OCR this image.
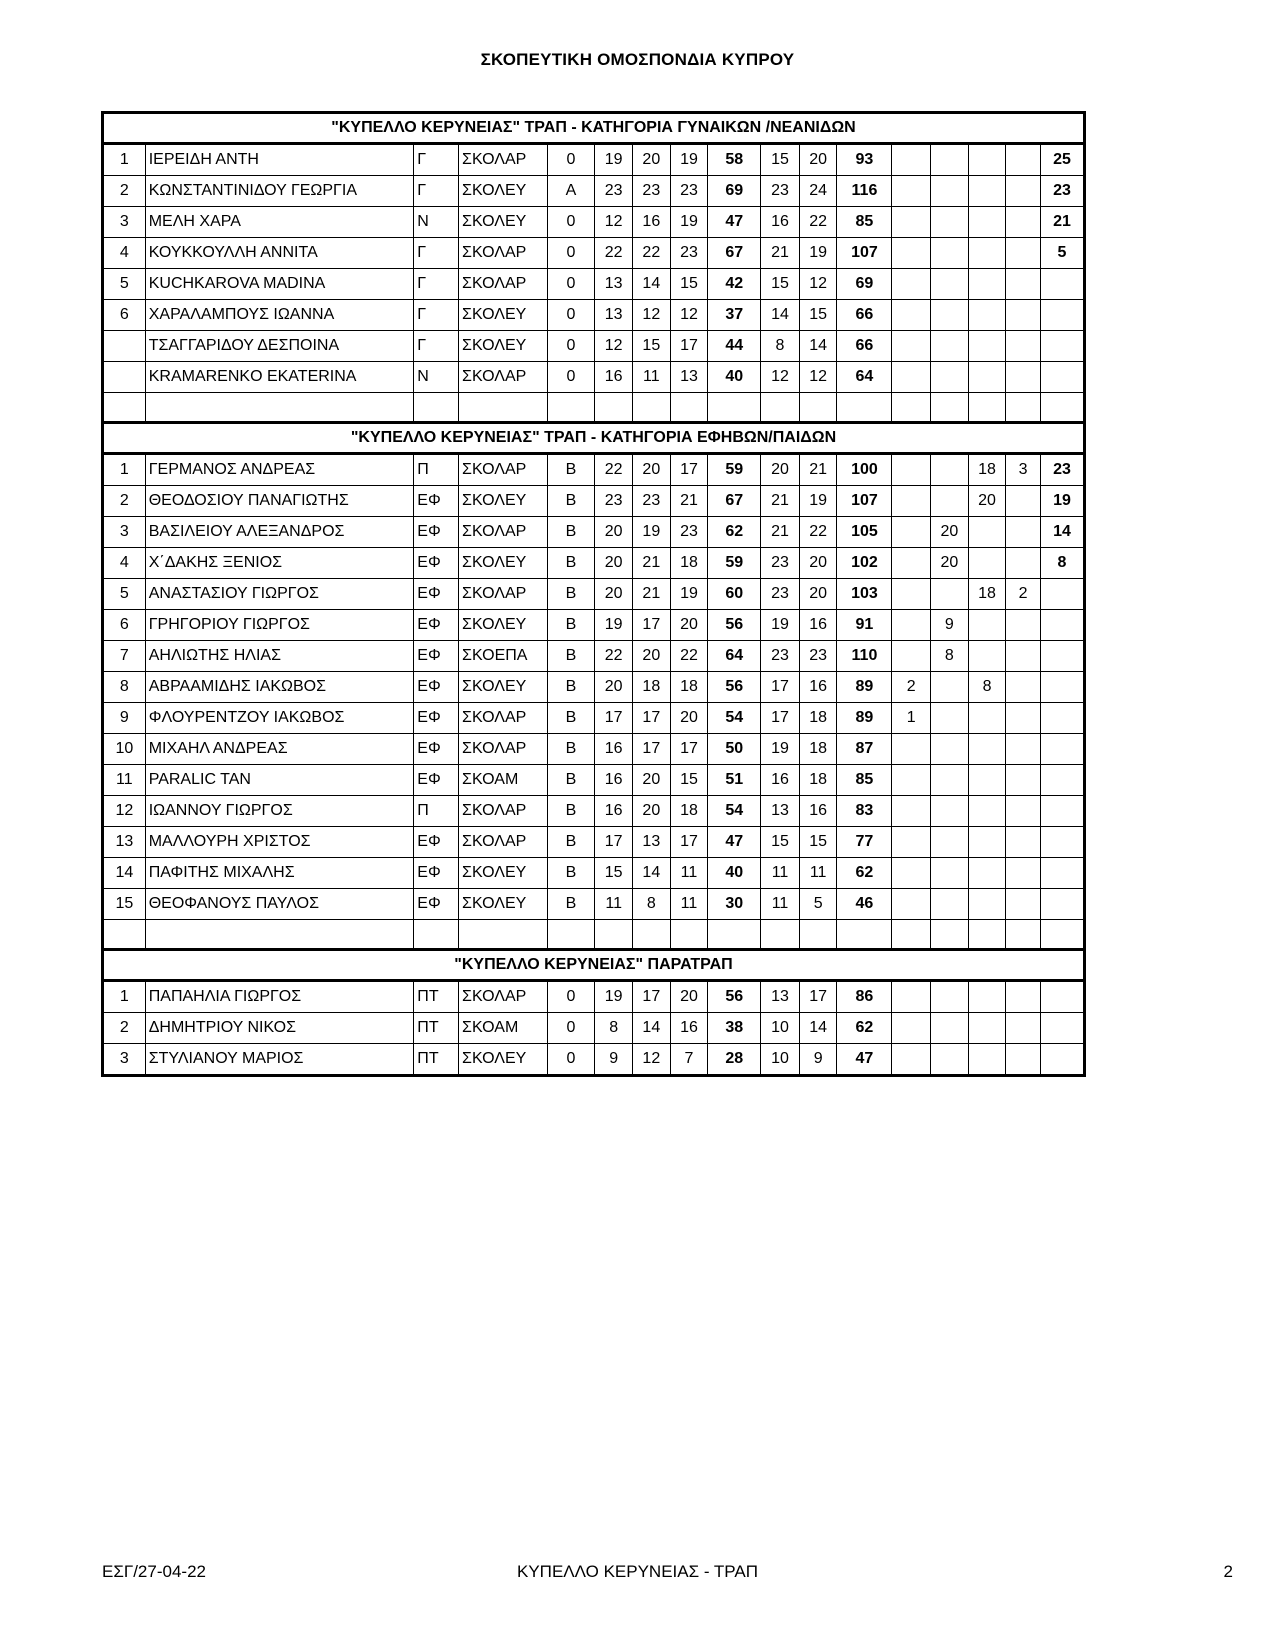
ΣΚΟΠΕΥΤΙΚΗ ΟΜΟΣΠΟΝΔΙΑ ΚΥΠΡΟΥ
"ΚΥΠΕΛΛΟ ΚΕΡΥΝΕΙΑΣ" ΤΡΑΠ - ΚΑΤΗΓΟΡΙΑ ΓΥΝΑΙΚΩΝ /ΝΕΑΝΙΔΩΝ																
1	ΙΕΡΕΙΔΗ ΑΝΤΗ	Γ	ΣΚΟΛΑΡ	0	19	20	19	58	15	20	93					25
2	ΚΩΝΣΤΑΝΤΙΝΙΔΟΥ ΓΕΩΡΓΙΑ	Γ	ΣΚΟΛΕΥ	Α	23	23	23	69	23	24	116					23
3	ΜΕΛΗ ΧΑΡΑ	Ν	ΣΚΟΛΕΥ	0	12	16	19	47	16	22	85					21
4	ΚΟΥΚΚΟΥΛΛΗ ΑΝΝΙΤΑ	Γ	ΣΚΟΛΑΡ	0	22	22	23	67	21	19	107					5
5	KUCHKAROVA MADINA	Γ	ΣΚΟΛΑΡ	0	13	14	15	42	15	12	69					
6	ΧΑΡΑΛΑΜΠΟΥΣ ΙΩΑΝΝΑ	Γ	ΣΚΟΛΕΥ	0	13	12	12	37	14	15	66					
	ΤΣΑΓΓΑΡΙΔΟΥ ΔΕΣΠΟΙΝΑ	Γ	ΣΚΟΛΕΥ	0	12	15	17	44	8	14	66					
	KRAMARENKO EKATERINA	Ν	ΣΚΟΛΑΡ	0	16	11	13	40	12	12	64					

"ΚΥΠΕΛΛΟ ΚΕΡΥΝΕΙΑΣ" ΤΡΑΠ - ΚΑΤΗΓΟΡΙΑ ΕΦΗΒΩΝ/ΠΑΙΔΩΝ																
1	ΓΕΡΜΑΝΟΣ ΑΝΔΡΕΑΣ	Π	ΣΚΟΛΑΡ	Β	22	20	17	59	20	21	100			18	3	23
2	ΘΕΟΔΟΣΙΟΥ ΠΑΝΑΓΙΩΤΗΣ	ΕΦ	ΣΚΟΛΕΥ	Β	23	23	21	67	21	19	107			20		19
3	ΒΑΣΙΛΕΙΟΥ ΑΛΕΞΑΝΔΡΟΣ	ΕΦ	ΣΚΟΛΑΡ	Β	20	19	23	62	21	22	105		20			14
4	Χ΄ΔΑΚΗΣ ΞΕΝΙΟΣ	ΕΦ	ΣΚΟΛΕΥ	Β	20	21	18	59	23	20	102		20			8
5	ΑΝΑΣΤΑΣΙΟΥ ΓΙΩΡΓΟΣ	ΕΦ	ΣΚΟΛΑΡ	Β	20	21	19	60	23	20	103			18	2	
6	ΓΡΗΓΟΡΙΟΥ ΓΙΩΡΓΟΣ	ΕΦ	ΣΚΟΛΕΥ	Β	19	17	20	56	19	16	91		9			
7	ΑΗΛΙΩΤΗΣ ΗΛΙΑΣ	ΕΦ	ΣΚΟΕΠΑ	Β	22	20	22	64	23	23	110		8			
8	ΑΒΡΑΑΜΙΔΗΣ ΙΑΚΩΒΟΣ	ΕΦ	ΣΚΟΛΕΥ	Β	20	18	18	56	17	16	89	2		8		
9	ΦΛΟΥΡΕΝΤΖΟΥ ΙΑΚΩΒΟΣ	ΕΦ	ΣΚΟΛΑΡ	Β	17	17	20	54	17	18	89	1				
10	ΜΙΧΑΗΛ ΑΝΔΡΕΑΣ	ΕΦ	ΣΚΟΛΑΡ	Β	16	17	17	50	19	18	87					
11	PARALIC TAN	ΕΦ	ΣΚΟΑΜ	Β	16	20	15	51	16	18	85					
12	ΙΩΑΝΝΟΥ ΓΙΩΡΓΟΣ	Π	ΣΚΟΛΑΡ	Β	16	20	18	54	13	16	83					
13	ΜΑΛΛΟΥΡΗ ΧΡΙΣΤΟΣ	ΕΦ	ΣΚΟΛΑΡ	Β	17	13	17	47	15	15	77					
14	ΠΑΦΙΤΗΣ ΜΙΧΑΛΗΣ	ΕΦ	ΣΚΟΛΕΥ	Β	15	14	11	40	11	11	62					
15	ΘΕΟΦΑΝΟΥΣ ΠΑΥΛΟΣ	ΕΦ	ΣΚΟΛΕΥ	Β	11	8	11	30	11	5	46					

"ΚΥΠΕΛΛΟ ΚΕΡΥΝΕΙΑΣ" ΠΑΡΑΤΡΑΠ																
1	ΠΑΠΑΗΛΙΑ ΓΙΩΡΓΟΣ	ΠΤ	ΣΚΟΛΑΡ	0	19	17	20	56	13	17	86					
2	ΔΗΜΗΤΡΙΟΥ ΝΙΚΟΣ	ΠΤ	ΣΚΟΑΜ	0	8	14	16	38	10	14	62					
3	ΣΤΥΛΙΑΝΟΥ ΜΑΡΙΟΣ	ΠΤ	ΣΚΟΛΕΥ	0	9	12	7	28	10	9	47					
ΕΣΓ/27-04-22	ΚΥΠΕΛΛΟ ΚΕΡΥΝΕΙΑΣ - ΤΡΑΠ	2
